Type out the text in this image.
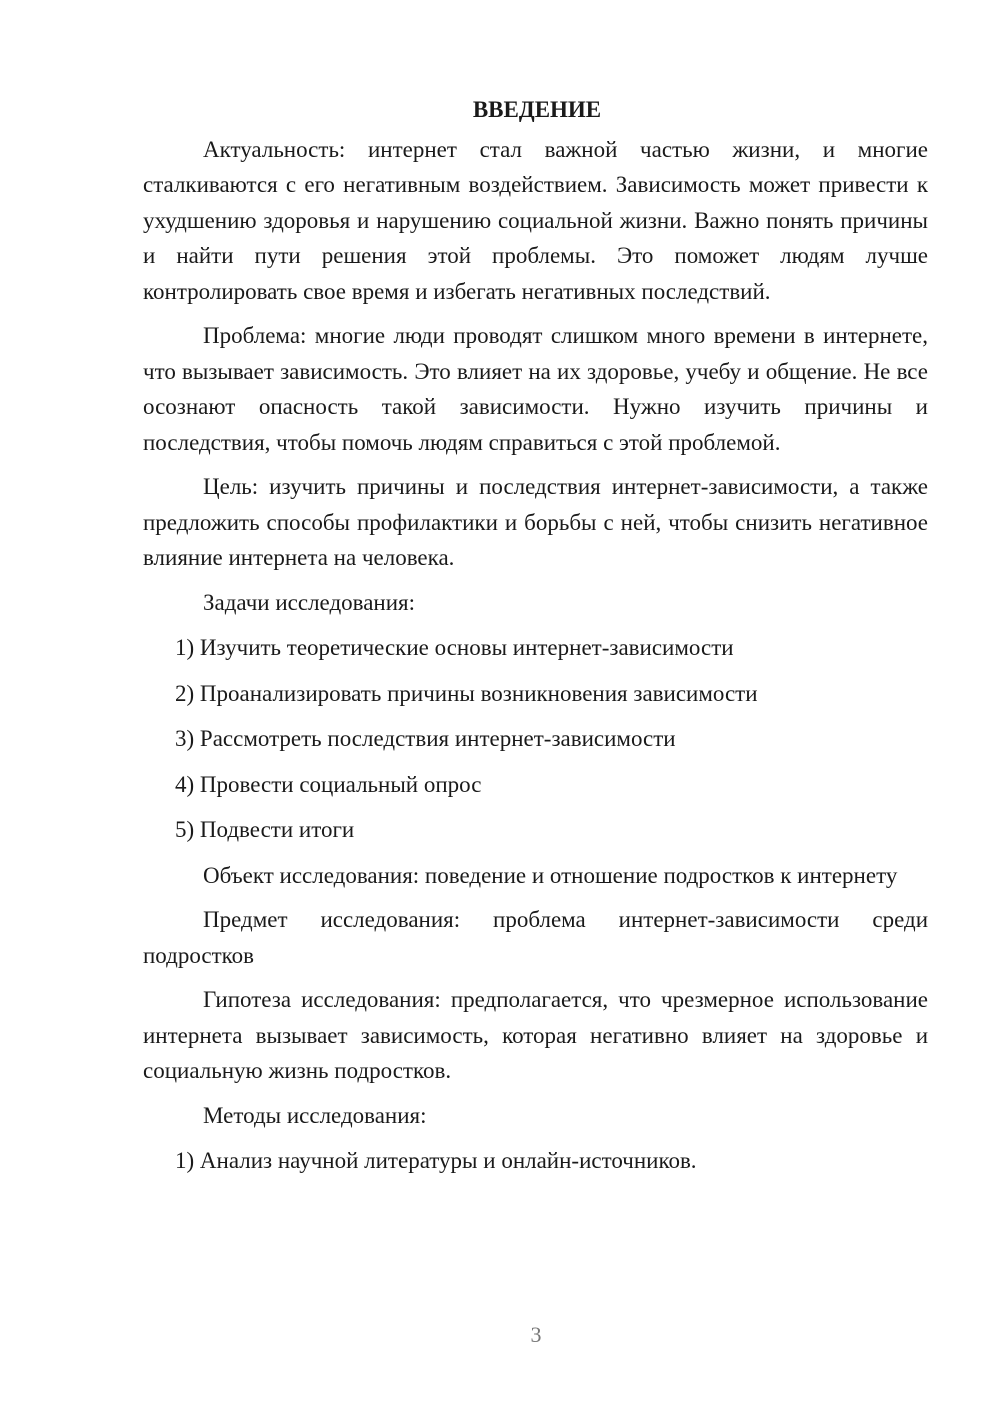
ВВЕДЕНИЕ

Актуальность: интернет стал важной частью жизни, и многие сталкиваются с его негативным воздействием. Зависимость может привести к ухудшению здоровья и нарушению социальной жизни. Важно понять причины и найти пути решения этой проблемы. Это поможет людям лучше контролировать свое время и избегать негативных последствий.

Проблема: многие люди проводят слишком много времени в интернете, что вызывает зависимость. Это влияет на их здоровье, учебу и общение. Не все осознают опасность такой зависимости. Нужно изучить причины и последствия, чтобы помочь людям справиться с этой проблемой.

Цель: изучить причины и последствия интернет-зависимости, а также предложить способы профилактики и борьбы с ней, чтобы снизить негативное влияние интернета на человека.

Задачи исследования:

1) Изучить теоретические основы интернет-зависимости
2) Проанализировать причины возникновения зависимости
3) Рассмотреть последствия интернет-зависимости
4) Провести социальный опрос
5) Подвести итоги

Объект исследования: поведение и отношение подростков к интернету

Предмет исследования: проблема интернет-зависимости среди подростков

Гипотеза исследования: предполагается, что чрезмерное использование интернета вызывает зависимость, которая негативно влияет на здоровье и социальную жизнь подростков.

Методы исследования:

1) Анализ научной литературы и онлайн-источников.
3
